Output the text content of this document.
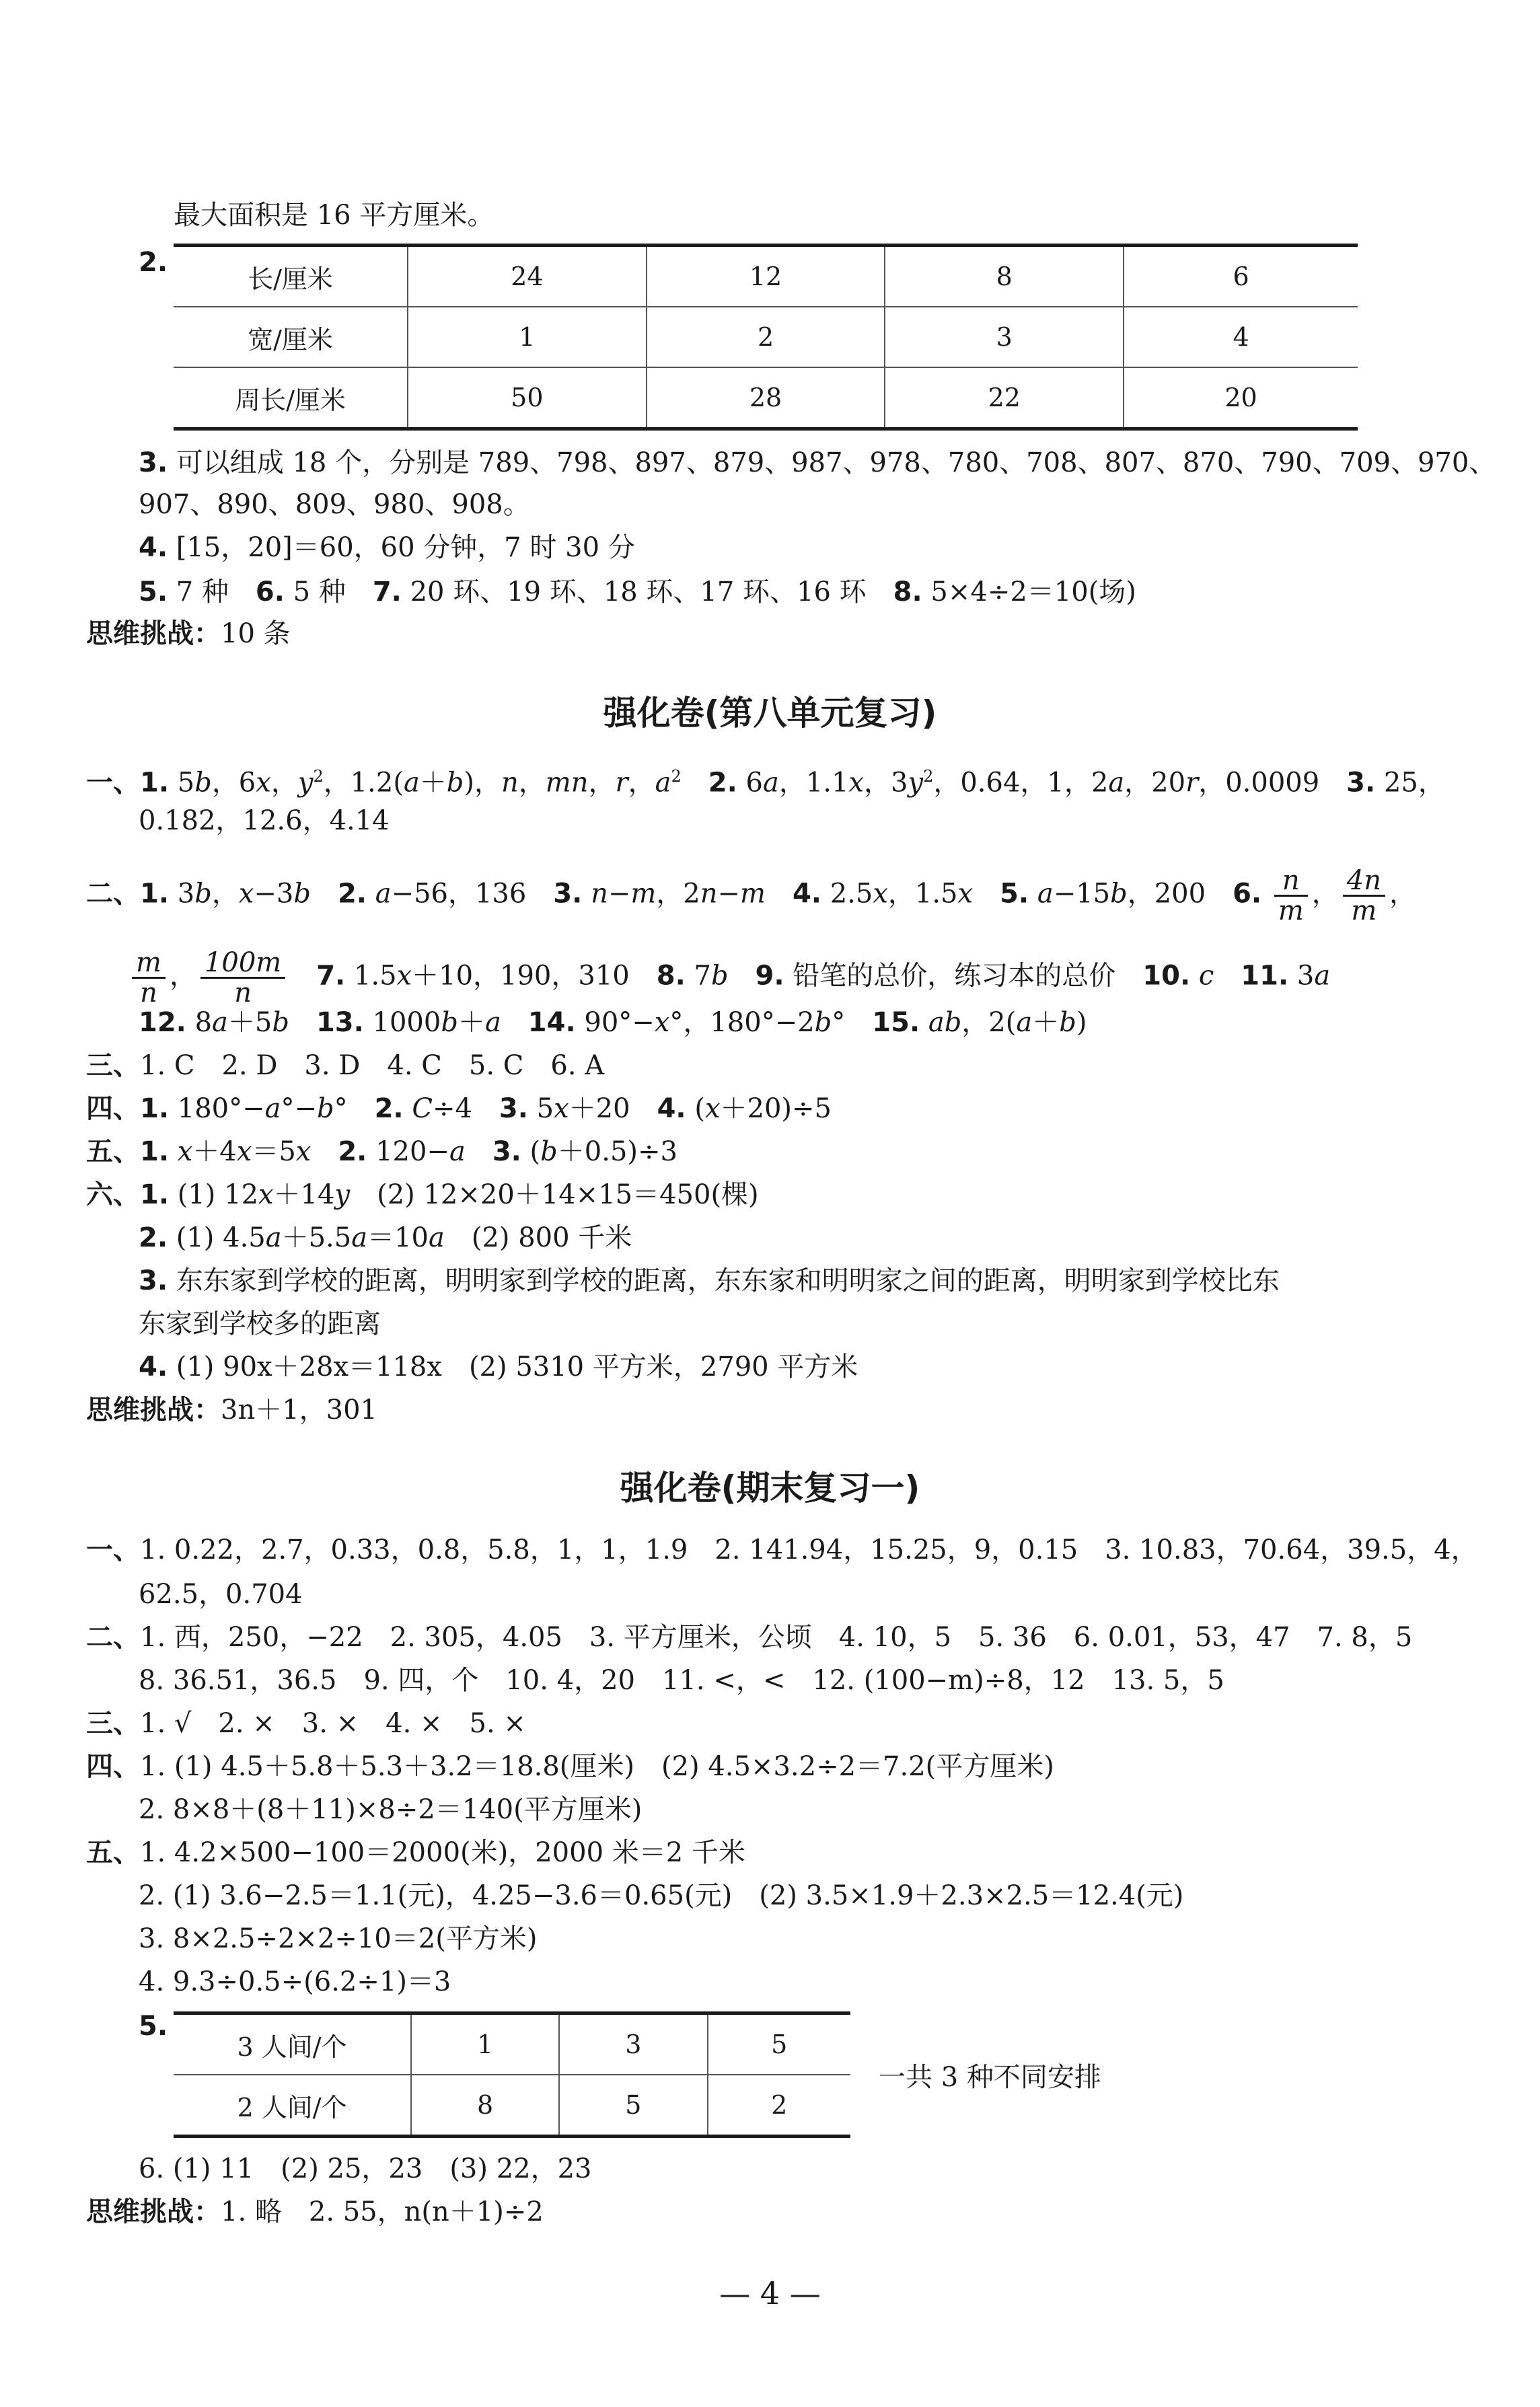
最大面积是 16 平方厘米。
2.
长/厘米	24	12	8	6
宽/厘米	1	2	3	4
周长/厘米	50	28	22	20
3. 可以组成 18 个，分别是 789、798、897、879、987、978、780、708、807、870、790、709、970、
907、890、809、980、908。
4. [15，20]＝60，60 分钟，7 时 30 分
5. 7 种　 6. 5 种　 7. 20 环、19 环、18 环、17 环、16 环　 8. 5×4÷2＝10(场)
思维挑战：10 条
强化卷(第八单元复习)
一、1. 5b，6x，$y^2$，1.2(a＋b)，n，mn，r，$a^2$　 2. 6a，1.1x，$3y^2$，0.64，1，2a，20r，0.0009　3. 25，
0.182，12.6，4.14
二、1. 3b，x−3b　 2. a−56，136　3. n−m，2n−m　 4. 2.5x，1.5x　 5. a−15b，200　6. $\frac{n}{m}$ ， $\frac{4n}{m}$ ，
$\frac{m}{n}$ ， $\frac{100m}{n}$
　 7. 1.5x＋10，190，310　8. 7b　 9. 铅笔的总价，练习本的总价　10. c　 11. 3a
12. 8a＋5b　 13. 1000b＋a　 14. 90°−x°，180°−2b°　15. ab，2(a＋b)
三、1. C　2. D　3. D　4. C　5. C　6. A
四、1. 180°−a°−b°　2. C÷4　3. 5x＋20　4. (x＋20)÷5
五、1. x＋4x＝5x　 2. 120−a　 3. (b＋0.5)÷3
六、1. (1) 12x＋14y　(2) 12×20＋14×15＝450(棵)
2. (1) 4.5a＋5.5a＝10a　(2) 800 千米
3. 东东家到学校的距离，明明家到学校的距离，东东家和明明家之间的距离，明明家到学校比东
东家到学校多的距离
4. (1) 90x＋28x＝118x　(2) 5310 平方米，2790 平方米
思维挑战：3n＋1，301
强化卷(期末复习一)
一、1. 0.22，2.7，0.33，0.8，5.8，1，1，1.9　2. 141.94，15.25，9，0.15　3. 10.83，70.64，39.5，4，
62.5，0.704
二、1. 西，250，−22　2. 305，4.05　3. 平方厘米，公顷　4. 10，5　5. 36　6. 0.01，53，47　7. 8，5
8. 36.51，36.5　9. 四，个　10. 4，20　11. <，<　12. (100−m)÷8，12　13. 5，5
三、1. √　2. ×　3. ×　4. ×　5. ×
四、1. (1) 4.5＋5.8＋5.3＋3.2＝18.8(厘米)　(2) 4.5×3.2÷2＝7.2(平方厘米)
2. 8×8＋(8＋11)×8÷2＝140(平方厘米)
五、1. 4.2×500−100＝2000(米)，2000 米＝2 千米
2. (1) 3.6−2.5＝1.1(元)，4.25−3.6＝0.65(元)　(2) 3.5×1.9＋2.3×2.5＝12.4(元)
3. 8×2.5÷2×2÷10＝2(平方米)
4. 9.3÷0.5÷(6.2÷1)＝3
5.
3 人间/个	1	3	5
2 人间/个	8	5	2
一共 3 种不同安排
6. (1) 11　(2) 25，23　(3) 22，23
思维挑战：1. 略　2. 55，n(n＋1)÷2
— 4 —
